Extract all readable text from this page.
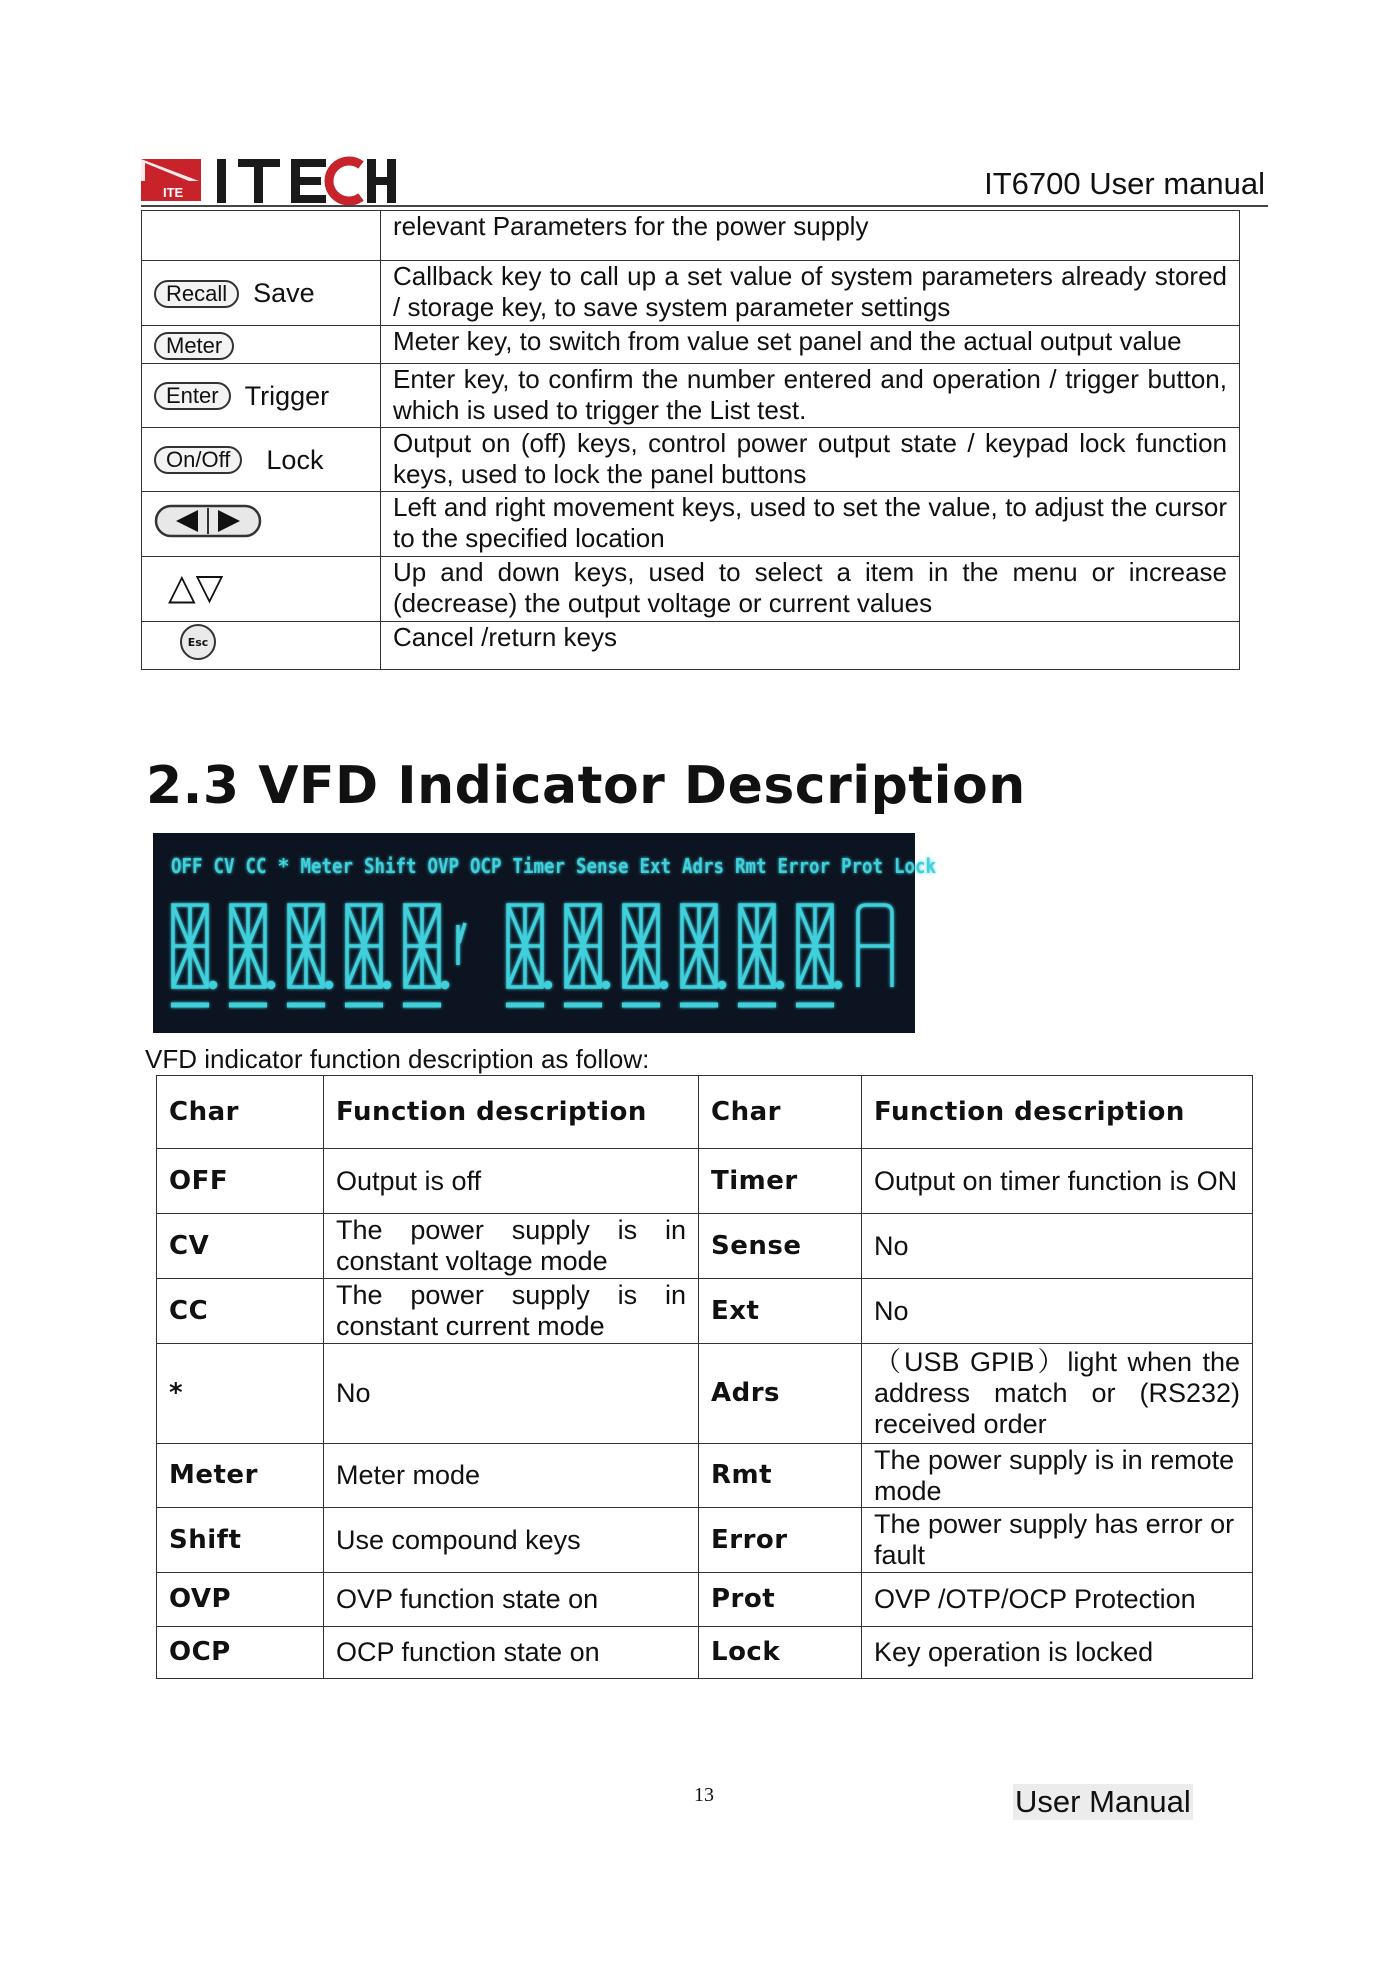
ITE	IT6700 User manual
	relevant Parameters for the power supply
Recall Save	Callback key to call up a set value of system parameters already stored / storage key, to save system parameter settings
Meter	Meter key, to switch from value set panel and the actual output value
Enter Trigger	Enter key, to confirm the number entered and operation / trigger button, which is used to trigger the List test.
On/Off Lock	Output on (off) keys, control power output state / keypad lock function keys, used to lock the panel buttons
	Left and right movement keys, used to set the value, to adjust the cursor to the specified location
△▽	Up and down keys, used to select a item in the menu or increase (decrease) the output voltage or current values

Esc	Cancel /return keys
2.3 VFD Indicator Description
OFF CV CC * Meter Shift OVP OCP Timer Sense Ext Adrs Rmt Error Prot Lock
VFD indicator function description as follow:
Char	Function description	Char	Function description
OFF	Output is off	Timer	Output on timer function is ON
CV	The power supply is in constant voltage mode	Sense	No
CC	The power supply is in constant current mode	Ext	No
*	No	Adrs	（USB GPIB）light when the address match or (RS232) received order
Meter	Meter mode	Rmt	The power supply is in remote mode
Shift	Use compound keys	Error	The power supply has error or fault
OVP	OVP function state on	Prot	OVP /OTP/OCP Protection
OCP	OCP function state on	Lock	Key operation is locked
13	User Manual
